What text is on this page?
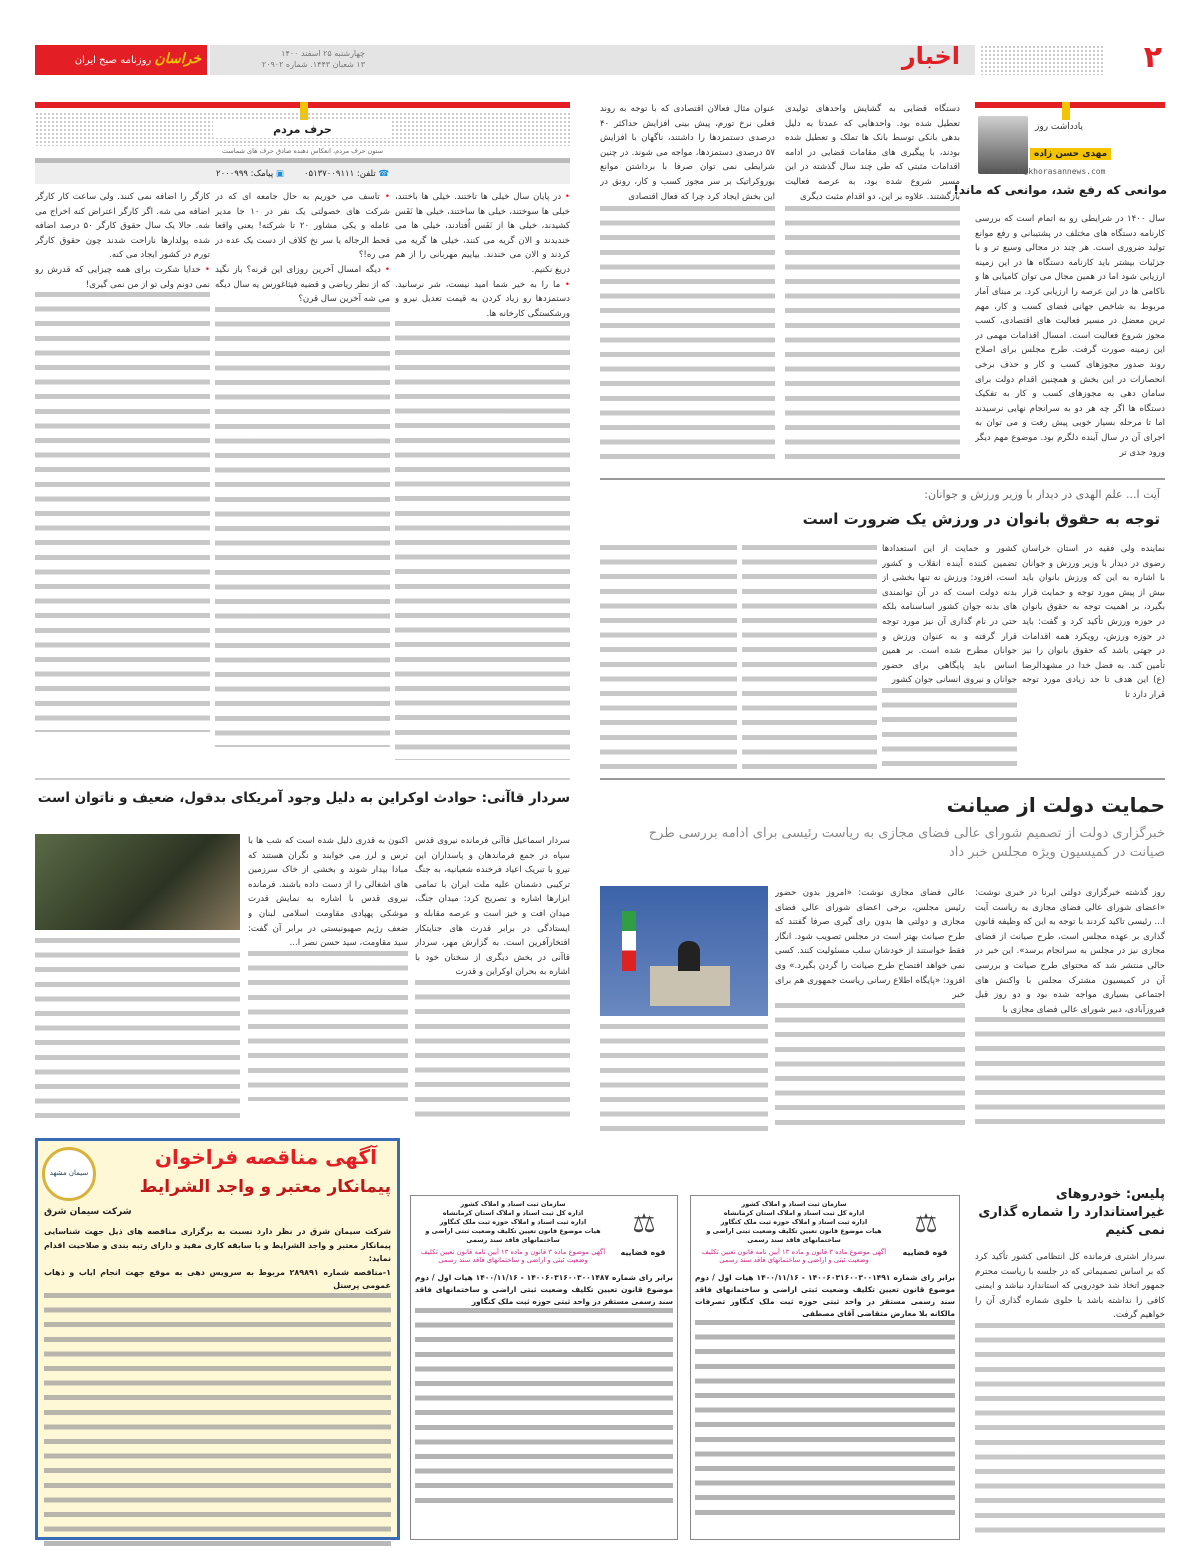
۲
اخبار
چهارشنبه ۲۵ اسفند ۱۴۰۰
۱۳ شعبان ۱۴۴۳. شماره ۲۰۹۰۲
خراسان روزنامه صبح ایران
یادداشت روز
مهدی حسن زاده
economic@khorasannews.com
موانعی که رفع شد، موانعی که ماند!
سال ۱۴۰۰ در شرایطی رو به اتمام است که بررسی کارنامه دستگاه های مختلف در پشتیبانی و رفع موانع تولید ضروری است. هر چند در مجالی وسیع تر و با جزئیات بیشتر باید کارنامه دستگاه ها در این زمینه ارزیابی شود اما در همین مجال می توان کامیابی ها و ناکامی ها در این عرصه را ارزیابی کرد. بر مبنای آمار مربوط به شاخص جهانی فضای کسب و کار، مهم ترین معضل در مسیر فعالیت های اقتصادی، کسب مجوز شروع فعالیت است. امسال اقدامات مهمی در این زمینه صورت گرفت. طرح مجلس برای اصلاح روند صدور مجوزهای کسب و کار و حذف برخی انحصارات در این بخش و همچنین اقدام دولت برای سامان دهی به مجوزهای کسب و کار به تفکیک دستگاه ها اگر چه هر دو به سرانجام نهایی نرسیدند اما تا مرحله بسیار خوبی پیش رفت و می توان به اجرای آن در سال آینده دلگرم بود. موضوع مهم دیگر ورود جدی تر
دستگاه قضایی به گشایش واحدهای تولیدی تعطیل شده بود. واحدهایی که عمدتا به دلیل بدهی بانکی توسط بانک ها تملک و تعطیل شده بودند، با پیگیری های مقامات قضایی در ادامه اقدامات مثبتی که طی چند سال گذشته در این مسیر شروع شده بود، به عرصه فعالیت بازگشتند. علاوه بر این، دو اقدام مثبت دیگری
عنوان مثال فعالان اقتصادی که با توجه به روند فعلی نرخ تورم، پیش بینی افزایش حداکثر ۴۰ درصدی دستمزدها را داشتند، ناگهان با افزایش ۵۷ درصدی دستمزدها، مواجه می شوند. در چنین شرایطی نمی توان صرفا با برداشتن موانع بوروکراتیک بر سر مجوز کسب و کار، رونق در این بخش ایجاد کرد چرا که فعال اقتصادی
حرف مردم
ستون حرف مردم، انعکاس دهنده صادق حرف های شماست
☎ تلفن: ۰۵۱۳۷۰۰۹۱۱۱
▣ پیامک: ۲۰۰۰۹۹۹

• در پایان سال خیلی ها تاختند. خیلی ها باختند، خیلی ها سوختند، خیلی ها ساختند، خیلی ها نَفَس کشیدند، خیلی ها از نَفَس اُفتادند، خیلی ها می خندیدند و الان گریه می کنند، خیلی ها گریه می کردند و الان می خندند. بیاییم مهربانی را از هم دریغ نکنیم.

• ما را به خیر شما امید نیست، شر نرسانید. دستمزدها رو زیاد کردن به قیمت تعدیل نیرو و ورشکستگی کارخانه ها.

• تاسف می خوریم به حال جامعه ای که در شرکت های خصولتی یک نفر در ۱۰ جا مدیر عامله و یکی مشاور ۲۰ تا شرکته! یعنی واقعا قحط الرجاله یا سر نخ کلاف از دست یک عده در می ره!؟

• دیگه امسال آخرین روزای این قرنه؟ باز نگید که از نظر ریاضی و قضیه فیثاغورس یه سال دیگه می شه آخرین سال قرن؟

کارگر را اضافه نمی کنند. ولی ساعت کار کارگر اضافه می شه. اگر کارگر اعتراض کنه اخراج می شه. حالا یک سال حقوق کارگر ۵۰ درصد اضافه شده پولدارها ناراحت شدند چون حقوق کارگر تورم در کشور ایجاد می کنه.

• خدایا شکرت برای همه چیزایی که قدرش رو نمی دونم ولی تو از من نمی گیری!

آیت ا... علم الهدی در دیدار با وزیر ورزش و جوانان:
توجه به حقوق بانوان در ورزش یک ضرورت است
نماینده ولی فقیه در استان خراسان رضوی در دیدار با وزیر ورزش و جوانان با اشاره به این که ورزش بانوان باید بیش از پیش مورد توجه و حمایت قرار بگیرد، بر اهمیت توجه به حقوق بانوان در حوزه ورزش تأکید کرد و گفت: باید در حوزه ورزش، رویکرد همه اقدامات در جهتی باشد که حقوق بانوان را نیز تأمین کند. به فضل خدا در مشهدالرضا (ع) این هدف تا حد زیادی مورد توجه قرار دارد تا
کشور و حمایت از این استعدادها تضمین کننده آینده انقلاب و کشور است، افزود: ورزش نه تنها بخشی از بدنه دولت است که در آن توانمندی های بدنه جوان کشور اساسنامه بلکه حتی در نام گذاری آن نیز مورد توجه قرار گرفته و به عنوان ورزش و جوانان مطرح شده است. بر همین اساس باید پایگاهی برای حضور جوانان و نیروی انسانی جوان کشور
سردار قاآنی: حوادث اوکراین به دلیل وجود آمریکای بدقول، ضعیف و ناتوان است
سردار اسماعیل قاآنی فرمانده نیروی قدس سپاه در جمع فرماندهان و پاسداران این نیرو با تبریک اعیاد فرخنده شعبانیه، به جنگ ترکیبی دشمنان علیه ملت ایران با تمامی ابزارها اشاره و تصریح کرد: میدان جنگ، میدان افت و خیز است و عرصه مقابله و ایستادگی در برابر قدرت های جنایتکار افتخارآفرین است. به گزارش مهر، سردار قاآنی در بخش دیگری از سخنان خود با اشاره به بحران اوکراین و قدرت
اکنون به قدری ذلیل شده است که شب ها با ترس و لرز می خوابند و نگران هستند که مبادا بیدار شوند و بخشی از خاک سرزمین های اشغالی را از دست داده باشند. فرمانده نیروی قدس با اشاره به نمایش قدرت موشکی پهپادی مقاومت اسلامی لبنان و ضعف رژیم صهیونیستی در برابر آن گفت: سید مقاومت، سید حسن نصر ا...
حمایت دولت از صیانت
خبرگزاری دولت از تصمیم شورای عالی فضای مجازی به ریاست رئیسی برای ادامه بررسی طرح صیانت در کمیسیون ویژه مجلس خبر داد
روز گذشته خبرگزاری دولتی ایرنا در خبری نوشت: «اعضای شورای عالی فضای مجازی به ریاست آیت ا... رئیسی تاکید کردند با توجه به این که وظیفه قانون گذاری بر عهده مجلس است، طرح صیانت از فضای مجازی نیز در مجلس به سرانجام برسد». این خبر در حالی منتشر شد که محتوای طرح صیانت و بررسی آن در کمیسیون مشترک مجلس با واکنش های اجتماعی بسیاری مواجه شده بود و دو روز قبل فیروزآبادی، دبیر شورای عالی فضای مجازی با
عالی فضای مجازی نوشت: «امروز بدون حضور رئیس مجلس، برخی اعضای شورای عالی فضای مجازی و دولتی ها بدون رای گیری صرفا گفتند که طرح صیانت بهتر است در مجلس تصویب شود. انگار فقط خواستند از خودشان سلب مسئولیت کنند. کسی نمی خواهد افتضاح طرح صیانت را گردن بگیرد.» وی افزود: «پایگاه اطلاع رسانی ریاست جمهوری هم برای خبر
سیمان مشهد
آگهی مناقصه فراخوان
پیمانکار معتبر و واجد الشرایط
شرکت سیمان شرق
شرکت سیمان شرق در نظر دارد نسبت به برگزاری مناقصه های ذیل جهت شناسایی پیمانکار معتبر و واجد الشرایط و با سابقه کاری مفید و دارای رتبه بندی و صلاحیت اقدام نماید:
۱-مناقصه شماره ۲۸۹۸۹۱ مربوط به سرویس دهی به موقع جهت انجام ایاب و ذهاب عمومی پرسنل
⚖
قوه قضاییه
سازمان ثبت اسناد و املاک کشور
اداره کل ثبت اسناد و املاک استان کرمانشاه
اداره ثبت اسناد و املاک حوزه ثبت ملک کنگاور
هیات موضوع قانون تعیین تکلیف وضعیت ثبتی اراضی و ساختمانهای فاقد سند رسمی
آگهی موضوع ماده ۳ قانون و ماده ۱۳ آیین نامه قانون تعیین تکلیف وضعیت ثبتی و اراضی و ساختمانهای فاقد سند رسمی
برابر رای شماره ۱۴۰۰۶۰۳۱۶۰۰۳۰۰۱۴۸۷ - ۱۴۰۰/۱۱/۱۶ هیات اول / دوم موضوع قانون تعیین تکلیف وضعیت ثبتی اراضی و ساختمانهای فاقد سند رسمی مستقر در واحد ثبتی حوزه ثبت ملک کنگاور
⚖
قوه قضاییه
سازمان ثبت اسناد و املاک کشور
اداره کل ثبت اسناد و املاک استان کرمانشاه
اداره ثبت اسناد و املاک حوزه ثبت ملک کنگاور
هیات موضوع قانون تعیین تکلیف وضعیت ثبتی اراضی و ساختمانهای فاقد سند رسمی
آگهی موضوع ماده ۳ قانون و ماده ۱۳ آیین نامه قانون تعیین تکلیف وضعیت ثبتی و اراضی و ساختمانهای فاقد سند رسمی
برابر رای شماره ۱۴۰۰۶۰۳۱۶۰۰۳۰۰۱۴۹۱ - ۱۴۰۰/۱۱/۱۶ هیات اول / دوم موضوع قانون تعیین تکلیف وضعیت ثبتی اراضی و ساختمانهای فاقد سند رسمی مستقر در واحد ثبتی حوزه ثبت ملک کنگاور تصرفات مالکانه بلا معارض متقاضی آقای مصطفی
پلیس: خودروهای غیراستاندارد را شماره گذاری نمی کنیم
سردار اشترى فرمانده کل انتظامی کشور تأکید کرد که بر اساس تصمیماتی که در جلسه با ریاست محترم جمهور اتخاذ شد خودرویی که استاندارد نباشد و ایمنی کافی را نداشته باشد با حلوی شماره گذاری آن را خواهیم گرفت.
